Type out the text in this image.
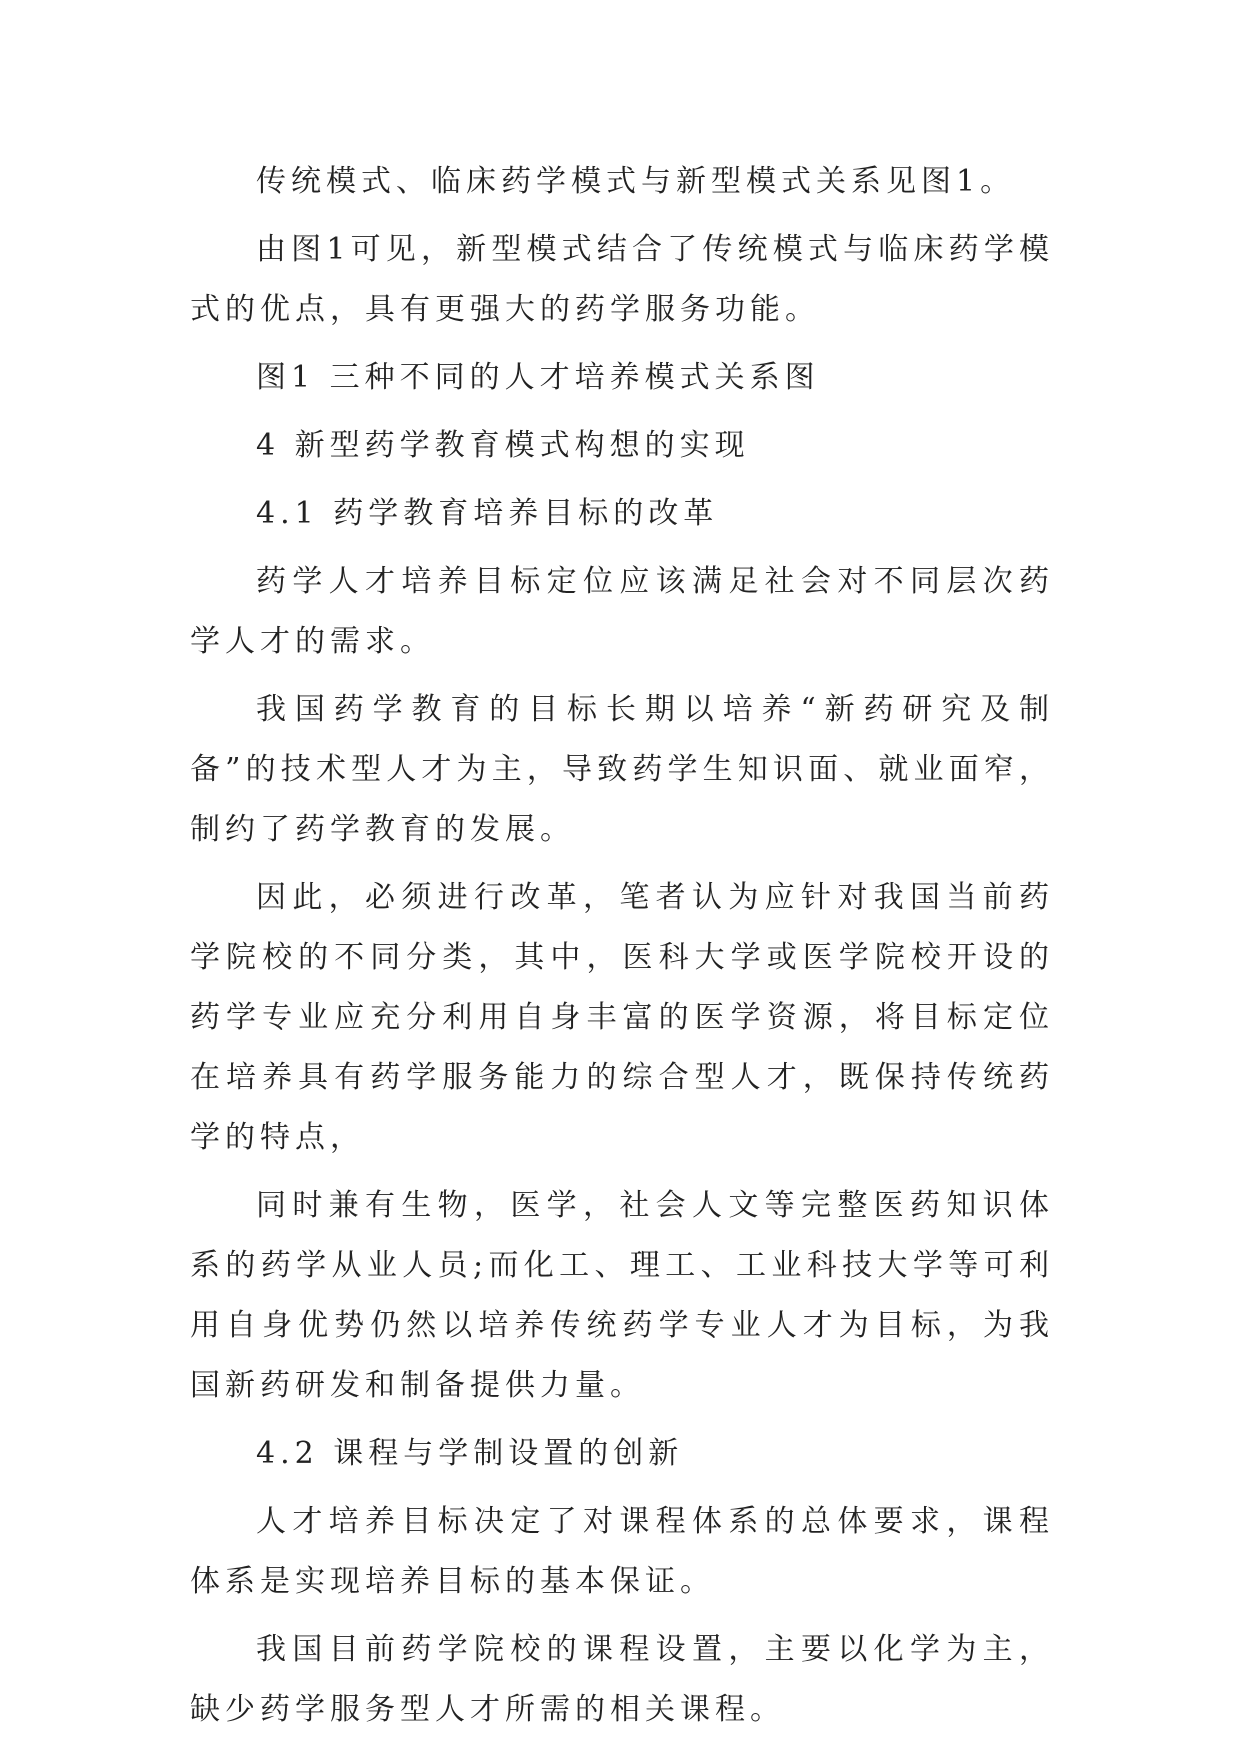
传统模式、临床药学模式与新型模式关系见图1。

由图1可见，新型模式结合了传统模式与临床药学模式的优点，具有更强大的药学服务功能。

图1 三种不同的人才培养模式关系图

4 新型药学教育模式构想的实现

4.1 药学教育培养目标的改革

药学人才培养目标定位应该满足社会对不同层次药学人才的需求。

我国药学教育的目标长期以培养“新药研究及制备”的技术型人才为主，导致药学生知识面、就业面窄，制约了药学教育的发展。

因此，必须进行改革，笔者认为应针对我国当前药学院校的不同分类，其中，医科大学或医学院校开设的药学专业应充分利用自身丰富的医学资源，将目标定位在培养具有药学服务能力的综合型人才，既保持传统药学的特点，

同时兼有生物，医学，社会人文等完整医药知识体系的药学从业人员;而化工、理工、工业科技大学等可利用自身优势仍然以培养传统药学专业人才为目标，为我国新药研发和制备提供力量。

4.2 课程与学制设置的创新

人才培养目标决定了对课程体系的总体要求，课程体系是实现培养目标的基本保证。

我国目前药学院校的课程设置，主要以化学为主，缺少药学服务型人才所需的相关课程。
